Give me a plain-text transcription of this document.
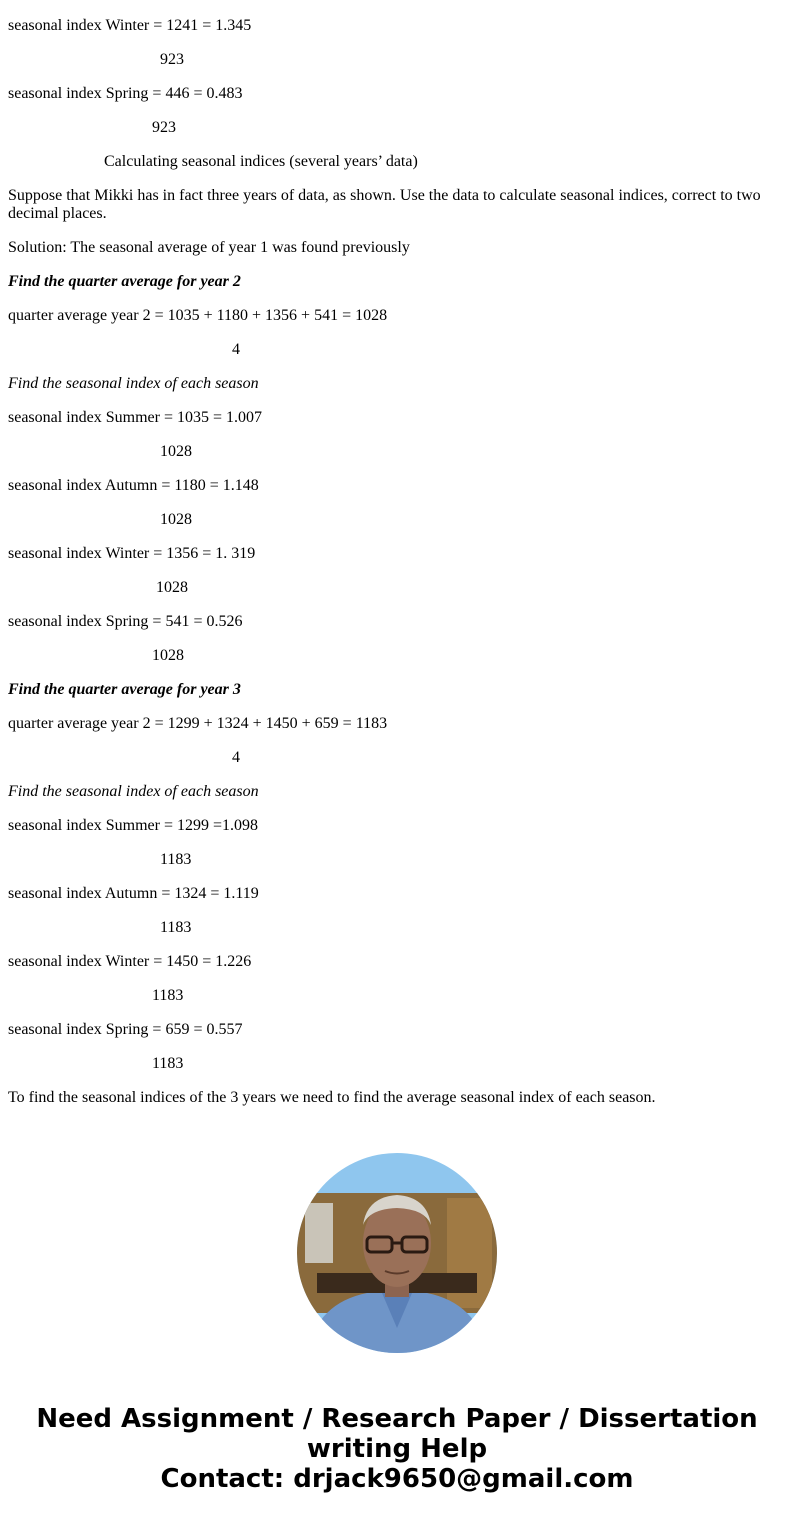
seasonal index Winter = 1241 = 1.345
923
seasonal index Spring = 446 = 0.483
923
Calculating seasonal indices (several years’ data)
Suppose that Mikki has in fact three years of data, as shown. Use the data to calculate seasonal indices, correct to two decimal places.
Solution: The seasonal average of year 1 was found previously
Find the quarter average for year 2
quarter average year 2 = 1035 + 1180 + 1356 + 541 = 1028
4
Find the seasonal index of each season
seasonal index Summer = 1035 = 1.007
1028
seasonal index Autumn = 1180 = 1.148
1028
seasonal index Winter = 1356 = 1. 319
1028
seasonal index Spring = 541 = 0.526
1028
Find the quarter average for year 3
quarter average year 2 = 1299 + 1324 + 1450 + 659 = 1183
4
Find the seasonal index of each season
seasonal index Summer = 1299 =1.098
1183
seasonal index Autumn = 1324 = 1.119
1183
seasonal index Winter = 1450 = 1.226
1183
seasonal index Spring = 659 = 0.557
1183
To find the seasonal indices of the 3 years we need to find the average seasonal index of each season.
Need Assignment / Research Paper / Dissertation
writing Help
Contact: drjack9650@gmail.com
